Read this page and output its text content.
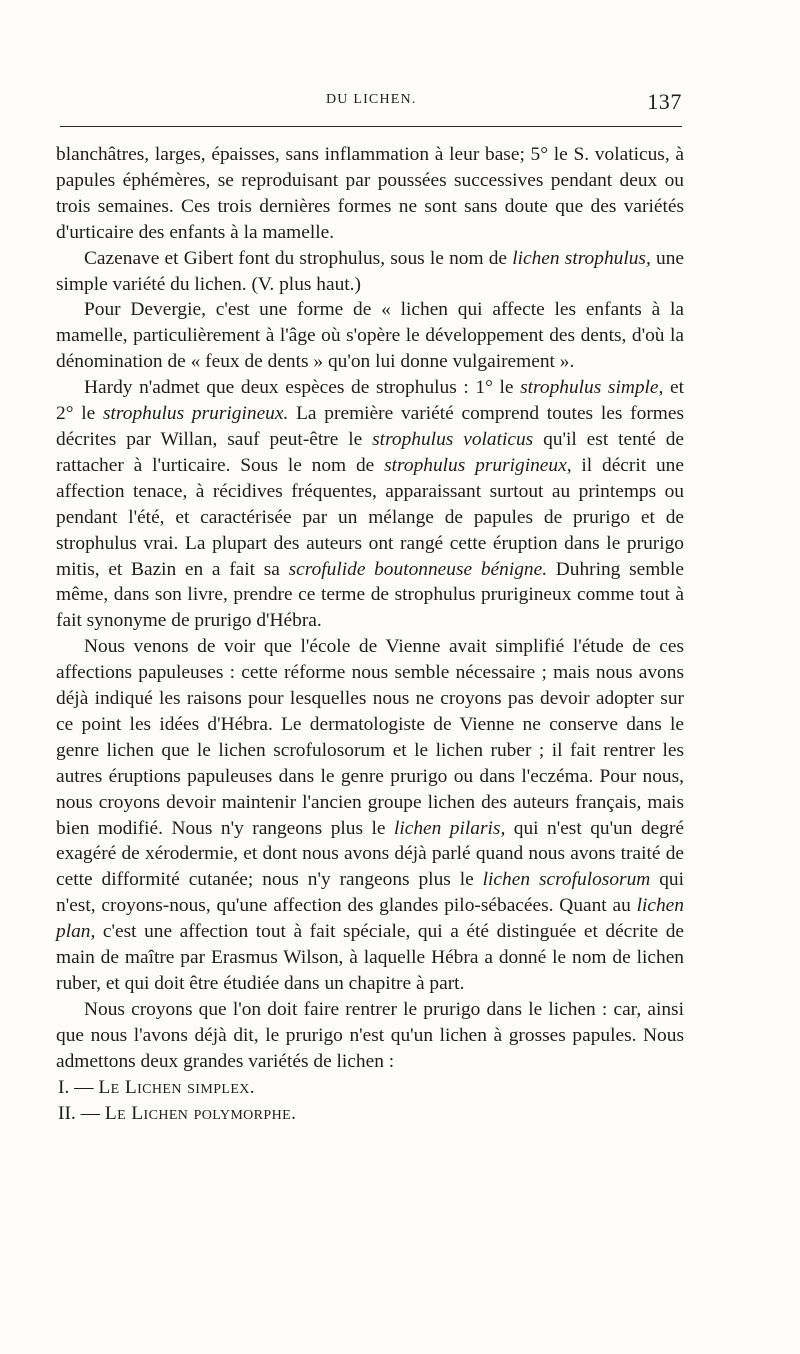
DU LICHEN.	137

blanchâtres, larges, épaisses, sans inflammation à leur base; 5° le S. volaticus, à papules éphémères, se reproduisant par poussées successives pendant deux ou trois semaines. Ces trois dernières formes ne sont sans doute que des variétés d'urticaire des enfants à la mamelle.

Cazenave et Gibert font du strophulus, sous le nom de lichen strophulus, une simple variété du lichen. (V. plus haut.)

Pour Devergie, c'est une forme de « lichen qui affecte les enfants à la mamelle, particulièrement à l'âge où s'opère le développement des dents, d'où la dénomination de « feux de dents » qu'on lui donne vulgairement ».

Hardy n'admet que deux espèces de strophulus : 1° le strophulus simple, et 2° le strophulus prurigineux. La première variété comprend toutes les formes décrites par Willan, sauf peut-être le strophulus volaticus qu'il est tenté de rattacher à l'urticaire. Sous le nom de strophulus prurigineux, il décrit une affection tenace, à récidives fréquentes, apparaissant surtout au printemps ou pendant l'été, et caractérisée par un mélange de papules de prurigo et de strophulus vrai. La plupart des auteurs ont rangé cette éruption dans le prurigo mitis, et Bazin en a fait sa scrofulide boutonneuse bénigne. Duhring semble même, dans son livre, prendre ce terme de strophulus prurigineux comme tout à fait synonyme de prurigo d'Hébra.

Nous venons de voir que l'école de Vienne avait simplifié l'étude de ces affections papuleuses : cette réforme nous semble nécessaire ; mais nous avons déjà indiqué les raisons pour lesquelles nous ne croyons pas devoir adopter sur ce point les idées d'Hébra. Le dermatologiste de Vienne ne conserve dans le genre lichen que le lichen scrofulosorum et le lichen ruber ; il fait rentrer les autres éruptions papuleuses dans le genre prurigo ou dans l'eczéma. Pour nous, nous croyons devoir maintenir l'ancien groupe lichen des auteurs français, mais bien modifié. Nous n'y rangeons plus le lichen pilaris, qui n'est qu'un degré exagéré de xérodermie, et dont nous avons déjà parlé quand nous avons traité de cette difformité cutanée; nous n'y rangeons plus le lichen scrofulosorum qui n'est, croyons-nous, qu'une affection des glandes pilo-sébacées. Quant au lichen plan, c'est une affection tout à fait spéciale, qui a été distinguée et décrite de main de maître par Erasmus Wilson, à laquelle Hébra a donné le nom de lichen ruber, et qui doit être étudiée dans un chapitre à part.

Nous croyons que l'on doit faire rentrer le prurigo dans le lichen : car, ainsi que nous l'avons déjà dit, le prurigo n'est qu'un lichen à grosses papules. Nous admettons deux grandes variétés de lichen :

I. — Le Lichen simplex.

II. — Le Lichen polymorphe.
